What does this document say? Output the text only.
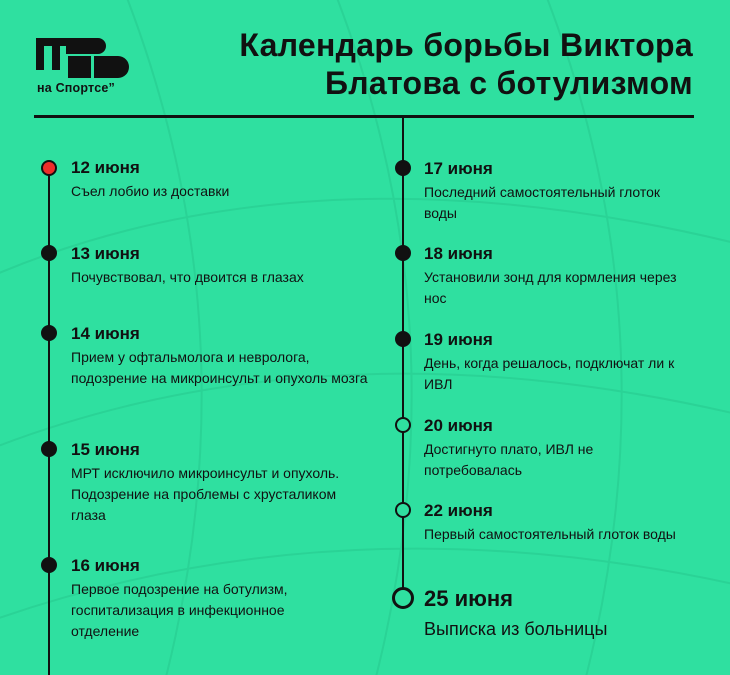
на Спортсе”
Календарь борьбы Виктора
Блатова с ботулизмом
12 июня
Съел лобио из доставки
13 июня
Почувствовал, что двоится в глазах
14 июня
Прием у офтальмолога и невролога, подозрение на микроинсульт и опухоль мозга
15 июня
МРТ исключило микроинсульт и опухоль. Подозрение на проблемы с хрусталиком глаза
16 июня
Первое подозрение на ботулизм, госпитализация в инфекционное отделение
17 июня
Последний самостоятельный глоток воды
18 июня
Установили зонд для кормления через нос
19 июня
День, когда решалось, подключат ли к ИВЛ
20 июня
Достигнуто плато, ИВЛ не потребовалась
22 июня
Первый самостоятельный глоток воды
25 июня
Выписка из больницы
